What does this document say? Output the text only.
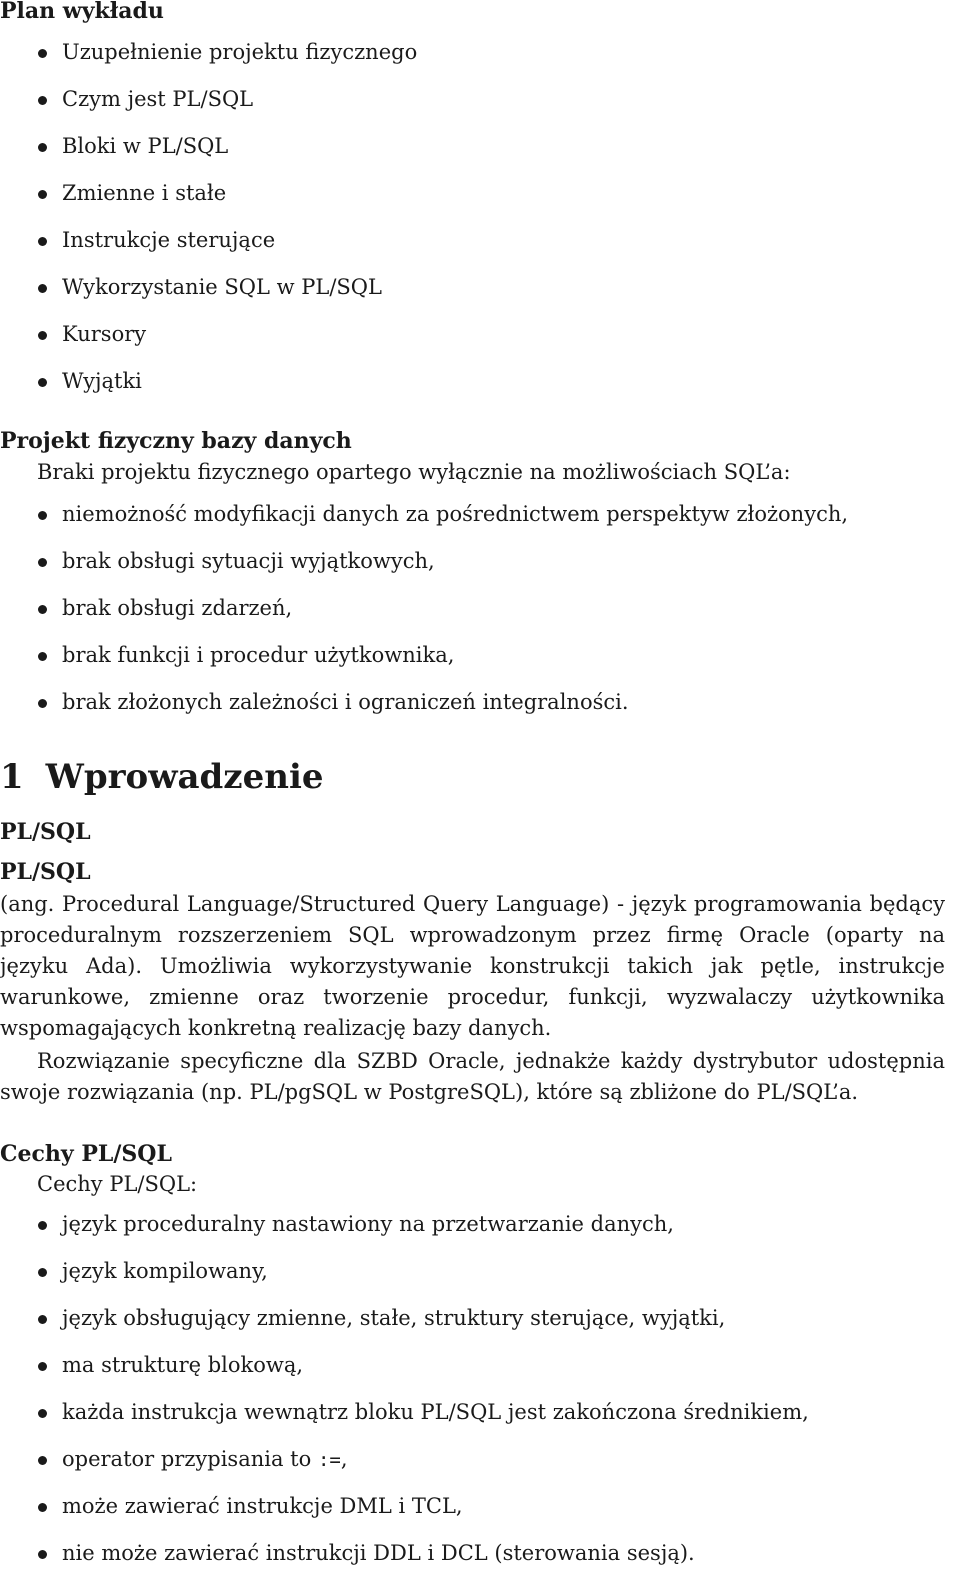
Plan wykładu
Uzupełnienie projektu fizycznego
Czym jest PL/SQL
Bloki w PL/SQL
Zmienne i stałe
Instrukcje sterujące
Wykorzystanie SQL w PL/SQL
Kursory
Wyjątki
Projekt fizyczny bazy danych

Braki projektu fizycznego opartego wyłącznie na możliwościach SQL’a:

niemożność modyfikacji danych za pośrednictwem perspektyw złożonych,
brak obsługi sytuacji wyjątkowych,
brak obsługi zdarzeń,
brak funkcji i procedur użytkownika,
brak złożonych zależności i ograniczeń integralności.
1 Wprowadzenie
PL/SQL
PL/SQL

(ang. Procedural Language/Structured Query Language) - język programowania będący proceduralnym rozszerzeniem SQL wprowadzonym przez firmę Oracle (oparty na języku Ada). Umożliwia wykorzystywanie konstrukcji takich jak pętle, instrukcje warunkowe, zmienne oraz tworzenie procedur, funkcji, wyzwalaczy użytkownika wspomagających konkretną realizację bazy danych.

Rozwiązanie specyficzne dla SZBD Oracle, jednakże każdy dystrybutor udostępnia swoje rozwiązania (np. PL/pgSQL w PostgreSQL), które są zbliżone do PL/SQL’a.

Cechy PL/SQL

Cechy PL/SQL:

język proceduralny nastawiony na przetwarzanie danych,
język kompilowany,
język obsługujący zmienne, stałe, struktury sterujące, wyjątki,
ma strukturę blokową,
każda instrukcja wewnątrz bloku PL/SQL jest zakończona średnikiem,
operator przypisania to :=,
może zawierać instrukcje DML i TCL,
nie może zawierać instrukcji DDL i DCL (sterowania sesją).
